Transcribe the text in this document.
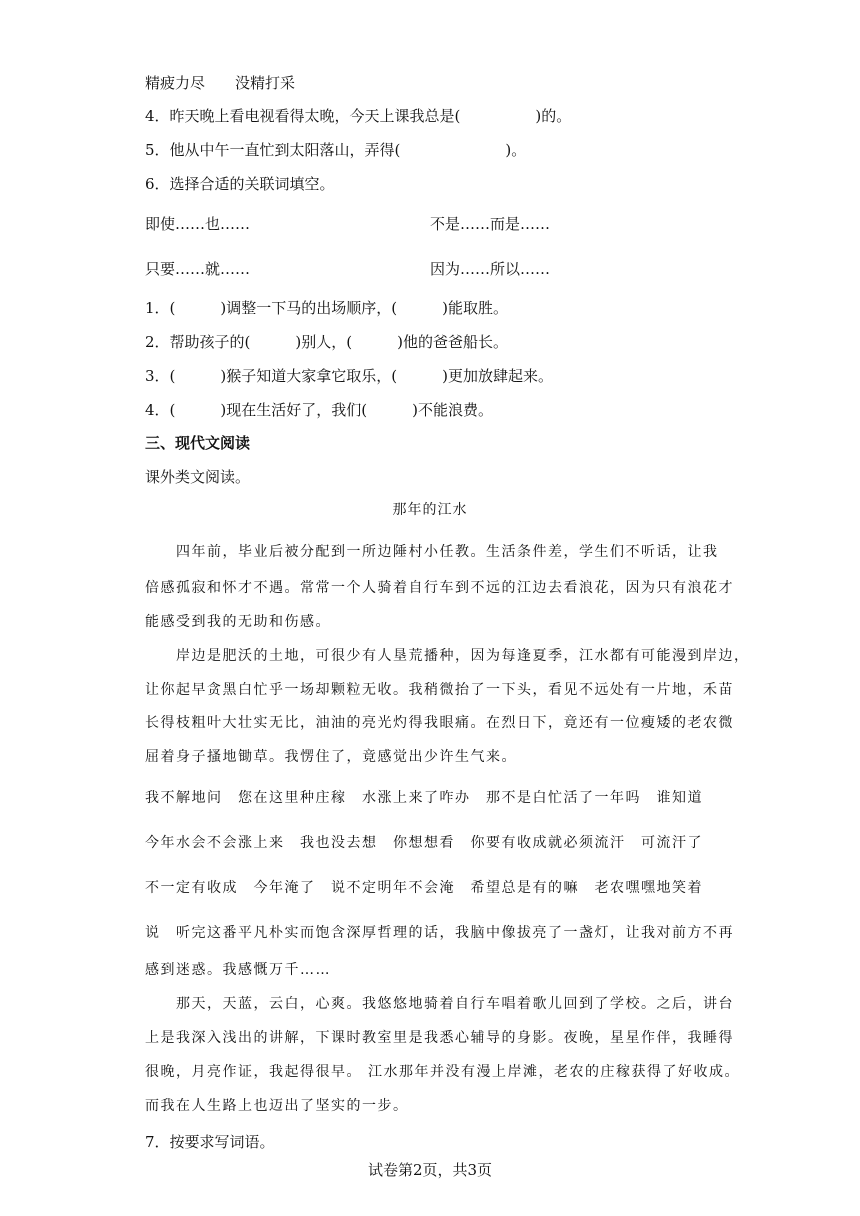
精疲力尽　　没精打采
4．昨天晚上看电视看得太晚，今天上课我总是(　　　　　)的。
5．他从中午一直忙到太阳落山，弄得(　　　　　　　)。
6．选择合适的关联词填空。
即使……也……	不是……而是……
只要……就……	因为……所以……
1．(　　　)调整一下马的出场顺序，(　　　)能取胜。
2．帮助孩子的(　　　)别人，(　　　)他的爸爸船长。
3．(　　　)猴子知道大家拿它取乐，(　　　)更加放肆起来。
4．(　　　)现在生活好了，我们(　　　)不能浪费。
三、现代文阅读
课外类文阅读。
那年的江水
　　四年前，毕业后被分配到一所边陲村小任教。生活条件差，学生们不听话，让我
倍感孤寂和怀才不遇。常常一个人骑着自行车到不远的江边去看浪花，因为只有浪花才
能感受到我的无助和伤感。
　　岸边是肥沃的土地，可很少有人垦荒播种，因为每逢夏季，江水都有可能漫到岸边，
让你起早贪黑白忙乎一场却颗粒无收。我稍微抬了一下头，看见不远处有一片地，禾苗
长得枝粗叶大壮实无比，油油的亮光灼得我眼痛。在烈日下，竟还有一位瘦矮的老农微
屈着身子搔地锄草。我愣住了，竟感觉出少许生气来。
我不解地问　您在这里种庄稼　水涨上来了咋办　那不是白忙活了一年吗　谁知道
今年水会不会涨上来　我也没去想　你想想看　你要有收成就必须流汗　可流汗了
不一定有收成　今年淹了　说不定明年不会淹　希望总是有的嘛　老农嘿嘿地笑着
说　听完这番平凡朴实而饱含深厚哲理的话，我脑中像拔亮了一盏灯，让我对前方不再
感到迷惑。我感慨万千……
　　那天，天蓝，云白，心爽。我悠悠地骑着自行车唱着歌儿回到了学校。之后，讲台
上是我深入浅出的讲解，下课时教室里是我悉心辅导的身影。夜晚，星星作伴，我睡得
很晚，月亮作证，我起得很早。 江水那年并没有漫上岸滩，老农的庄稼获得了好收成。
而我在人生路上也迈出了坚实的一步。
7．按要求写词语。
试卷第2页，共3页
